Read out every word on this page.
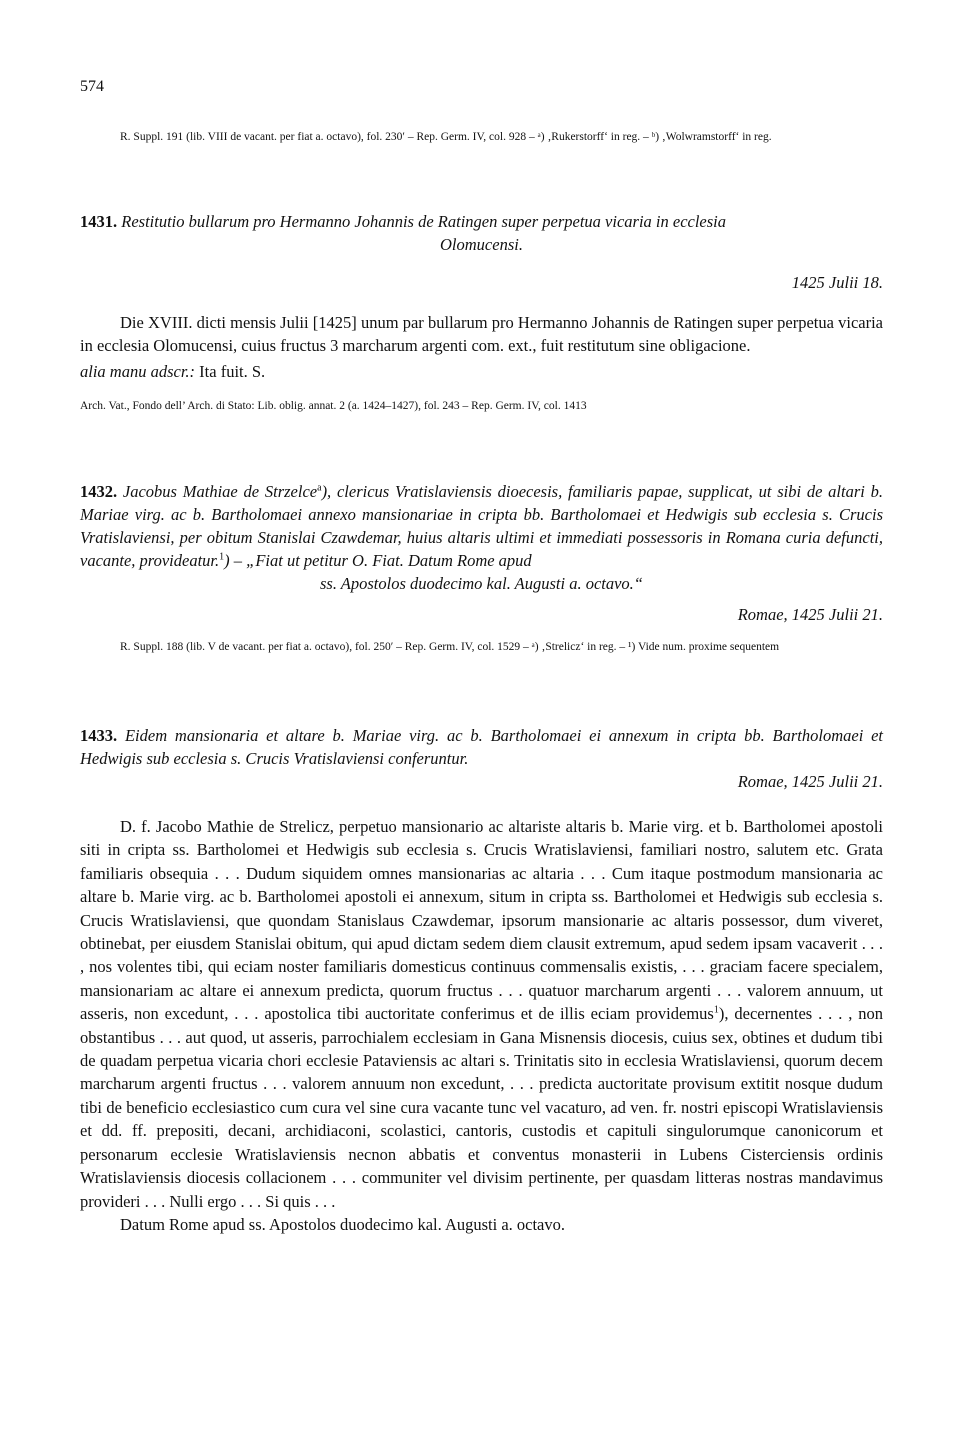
574

R. Suppl. 191 (lib. VIII de vacant. per fiat a. octavo), fol. 230′ – Rep. Germ. IV, col. 928 – ᵃ) ‚Rukerstorff‘ in reg. – ᵇ) ‚Wolwramstorff‘ in reg.

1431. Restitutio bullarum pro Hermanno Johannis de Ratingen super perpetua vicaria in ecclesia
Olomucensi.

1425 Julii 18.

Die XVIII. dicti mensis Julii [1425] unum par bullarum pro Hermanno Johannis de Ratingen super perpetua vicaria in ecclesia Olomucensi, cuius fructus 3 marcharum argenti com. ext., fuit restitutum sine obligacione.

alia manu adscr.: Ita fuit. S.

Arch. Vat., Fondo dell’ Arch. di Stato: Lib. oblig. annat. 2 (a. 1424–1427), fol. 243 – Rep. Germ. IV, col. 1413

1432. Jacobus Mathiae de Strzelce$^a$), clericus Vratislaviensis dioecesis, familiaris papae, supplicat, ut sibi de altari b. Mariae virg. ac b. Bartholomaei annexo mansionariae in cripta bb. Bartholomaei et Hedwigis sub ecclesia s. Crucis Vratislaviensi, per obitum Stanislai Czawdemar, huius altaris ultimi et immediati possessoris in Romana curia defuncti, vacante, provideatur.$^1$) – „Fiat ut petitur O. Fiat. Datum Rome apud
ss. Apostolos duodecimo kal. Augusti a. octavo.“

Romae, 1425 Julii 21.

R. Suppl. 188 (lib. V de vacant. per fiat a. octavo), fol. 250′ – Rep. Germ. IV, col. 1529 – ᵃ) ‚Strelicz‘ in reg. – ¹) Vide num. proxime sequentem

1433. Eidem mansionaria et altare b. Mariae virg. ac b. Bartholomaei ei annexum in cripta bb. Bartholomaei et Hedwigis sub ecclesia s. Crucis Vratislaviensi conferuntur.

Romae, 1425 Julii 21.

D. f. Jacobo Mathie de Strelicz, perpetuo mansionario ac altariste altaris b. Marie virg. et b. Bartholomei apostoli siti in cripta ss. Bartholomei et Hedwigis sub ecclesia s. Crucis Wratislaviensi, familiari nostro, salutem etc. Grata familiaris obsequia . . . Dudum siquidem omnes mansionarias ac altaria . . . Cum itaque postmodum mansionaria ac altare b. Marie virg. ac b. Bartholomei apostoli ei annexum, situm in cripta ss. Bartholomei et Hedwigis sub ecclesia s. Crucis Wratislaviensi, que quondam Stanislaus Czawdemar, ipsorum mansionarie ac altaris possessor, dum viveret, obtinebat, per eiusdem Stanislai obitum, qui apud dictam sedem diem clausit extremum, apud sedem ipsam vacaverit . . . , nos volentes tibi, qui eciam noster familiaris domesticus continuus commensalis existis, . . . graciam facere specialem, mansionariam ac altare ei annexum predicta, quorum fructus . . . quatuor marcharum argenti . . . valorem annuum, ut asseris, non excedunt, . . . apostolica tibi auctoritate conferimus et de illis eciam providemus$^1$), decernentes . . . , non obstantibus . . . aut quod, ut asseris, parrochialem ecclesiam in Gana Misnensis diocesis, cuius sex, obtines et dudum tibi de quadam perpetua vicaria chori ecclesie Pataviensis ac altari s. Trinitatis sito in ecclesia Wratislaviensi, quorum decem marcharum argenti fructus . . . valorem annuum non excedunt, . . . predicta auctoritate provisum extitit nosque dudum tibi de beneficio ecclesiastico cum cura vel sine cura vacante tunc vel vacaturo, ad ven. fr. nostri episcopi Wratislaviensis et dd. ff. prepositi, decani, archidiaconi, scolastici, cantoris, custodis et capituli singulorumque canonicorum et personarum ecclesie Wratislaviensis necnon abbatis et conventus monasterii in Lubens Cisterciensis ordinis Wratislaviensis diocesis collacionem . . . communiter vel divisim pertinente, per quasdam litteras nostras mandavimus provideri . . . Nulli ergo . . . Si quis . . .

Datum Rome apud ss. Apostolos duodecimo kal. Augusti a. octavo.
